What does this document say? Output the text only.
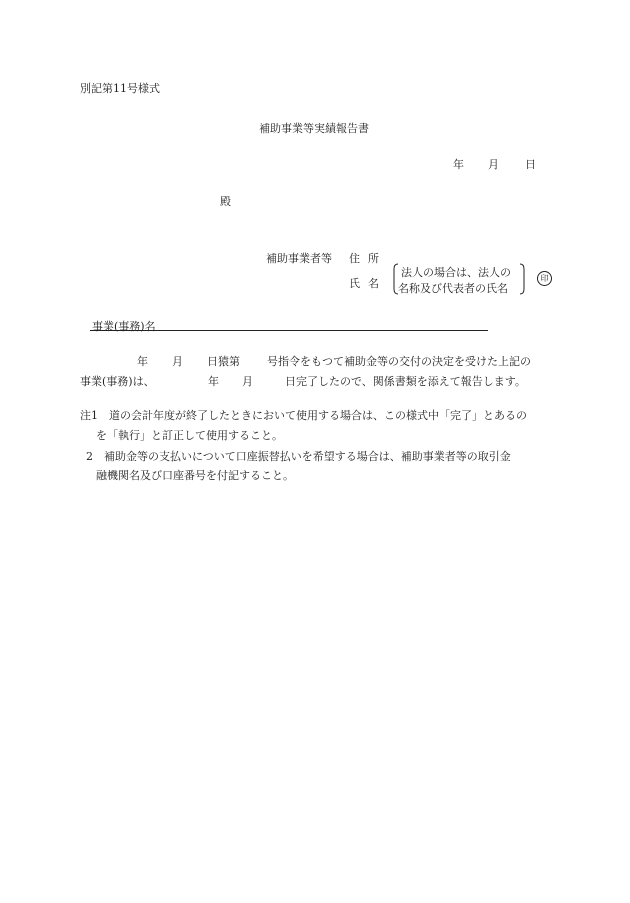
別記第11号様式
補助事業等実績報告書
年 月 日
殿
補助事業者等 住所
氏名
法人の場合は、法人の
名称及び代表者の氏名
印
事業(事務)名
年 月 日猿第 号指令をもつて補助金等の交付の決定を受けた上記の
事業(事務)は、	年 月	日完了したので、関係書類を添えて報告します。
注1　道の会計年度が終了したときにおいて使用する場合は、この様式中「完了」とあるの
を「執行」と訂正して使用すること。
2　補助金等の支払いについて口座振替払いを希望する場合は、補助事業者等の取引金
融機関名及び口座番号を付記すること。
